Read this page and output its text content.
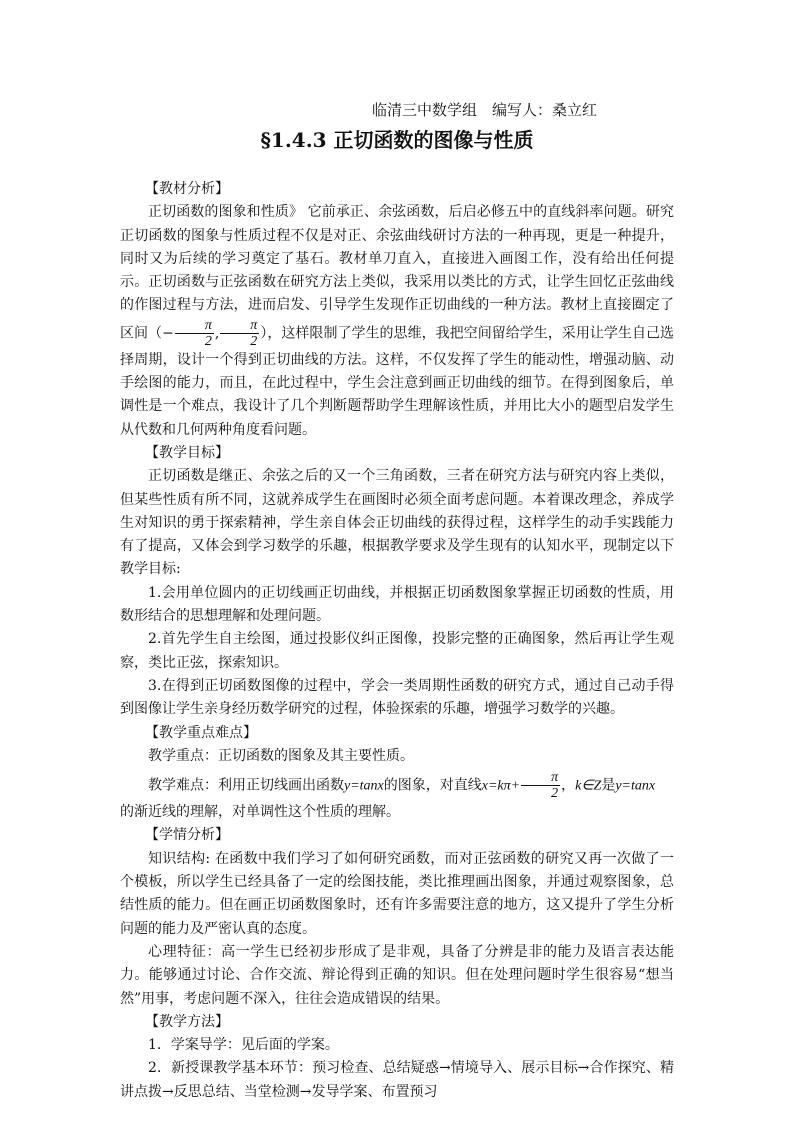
临清三中数学组　编写人：桑立红
§1.4.3 正切函数的图像与性质

【教材分析】

正切函数的图象和性质》 它前承正、余弦函数，后启必修五中的直线斜率问题。研究正切函数的图象与性质过程不仅是对正、余弦曲线研讨方法的一种再现，更是一种提升，同时又为后续的学习奠定了基石。教材单刀直入，直接进入画图工作，没有给出任何提示。正切函数与正弦函数在研究方法上类似，我采用以类比的方式，让学生回忆正弦曲线的作图过程与方法，进而启发、引导学生发现作正切曲线的一种方法。教材上直接圈定了区间（− $\frac{\pi}{2}$ , $\frac{\pi}{2}$ ），这样限制了学生的思维，我把空间留给学生，采用让学生自己选择周期，设计一个得到正切曲线的方法。这样，不仅发挥了学生的能动性，增强动脑、动手绘图的能力，而且，在此过程中，学生会注意到画正切曲线的细节。在得到图象后，单调性是一个难点，我设计了几个判断题帮助学生理解该性质，并用比大小的题型启发学生从代数和几何两种角度看问题。

【教学目标】

正切函数是继正、余弦之后的又一个三角函数，三者在研究方法与研究内容上类似，但某些性质有所不同，这就养成学生在画图时必须全面考虑问题。本着课改理念，养成学生对知识的勇于探索精神，学生亲自体会正切曲线的获得过程，这样学生的动手实践能力有了提高，又体会到学习数学的乐趣，根据教学要求及学生现有的认知水平，现制定以下教学目标:

1.会用单位圆内的正切线画正切曲线，并根据正切函数图象掌握正切函数的性质，用数形结合的思想理解和处理问题。

2.首先学生自主绘图，通过投影仪纠正图像，投影完整的正确图象，然后再让学生观察，类比正弦，探索知识。

3.在得到正切函数图像的过程中，学会一类周期性函数的研究方式，通过自己动手得到图像让学生亲身经历数学研究的过程，体验探索的乐趣，增强学习数学的兴趣。

【教学重点难点】

教学重点：正切函数的图象及其主要性质。

教学难点：利用正切线画出函数y=tanx的图象，对直线$x=k\pi+ \frac{\pi}{2}$ ，k∈Z是y=tanx

的渐近线的理解，对单调性这个性质的理解。

【学情分析】

知识结构: 在函数中我们学习了如何研究函数，而对正弦函数的研究又再一次做了一个模板，所以学生已经具备了一定的绘图技能，类比推理画出图象，并通过观察图象，总结性质的能力。但在画正切函数图象时，还有许多需要注意的地方，这又提升了学生分析问题的能力及严密认真的态度。

心理特征：高一学生已经初步形成了是非观，具备了分辨是非的能力及语言表达能力。能够通过讨论、合作交流、辩论得到正确的知识。但在处理问题时学生很容易“想当然”用事，考虑问题不深入，往往会造成错误的结果。

【教学方法】

1．学案导学：见后面的学案。

2．新授课教学基本环节：预习检查、总结疑惑→情境导入、展示目标→合作探究、精讲点拨→反思总结、当堂检测→发导学案、布置预习
